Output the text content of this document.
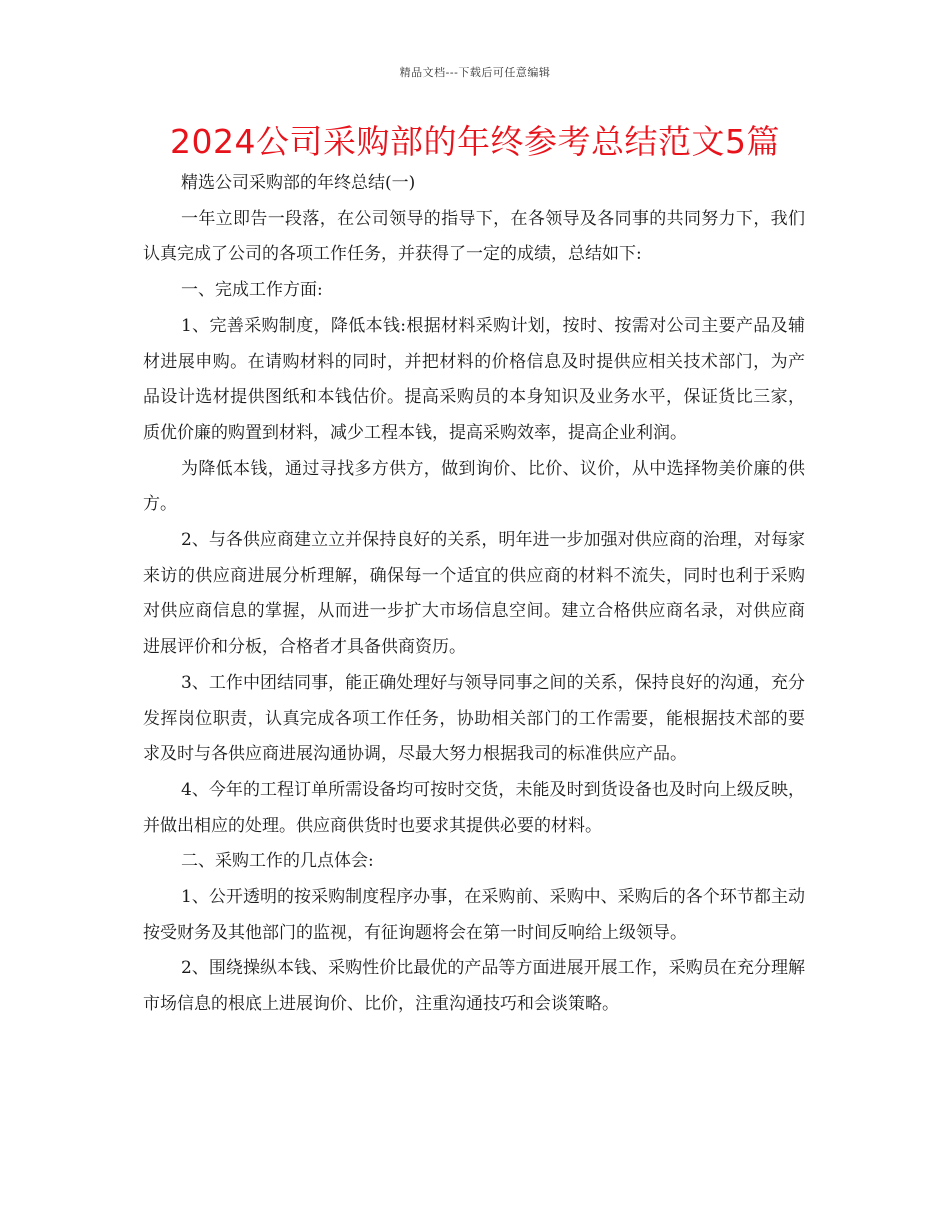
精品文档---下载后可任意编辑
2024公司采购部的年终参考总结范文5篇

精选公司采购部的年终总结(一)

一年立即告一段落，在公司领导的指导下，在各领导及各同事的共同努力下，我们认真完成了公司的各项工作任务，并获得了一定的成绩，总结如下:

一、完成工作方面:

1、完善采购制度，降低本钱:根据材料采购计划，按时、按需对公司主要产品及辅材进展申购。在请购材料的同时，并把材料的价格信息及时提供应相关技术部门，为产品设计选材提供图纸和本钱估价。提高采购员的本身知识及业务水平，保证货比三家，质优价廉的购置到材料，减少工程本钱，提高采购效率，提高企业利润。

为降低本钱，通过寻找多方供方，做到询价、比价、议价，从中选择物美价廉的供方。

2、与各供应商建立立并保持良好的关系，明年进一步加强对供应商的治理，对每家来访的供应商进展分析理解，确保每一个适宜的供应商的材料不流失，同时也利于采购对供应商信息的掌握，从而进一步扩大市场信息空间。建立合格供应商名录，对供应商进展评价和分板，合格者才具备供商资历。

3、工作中团结同事，能正确处理好与领导同事之间的关系，保持良好的沟通，充分发挥岗位职责，认真完成各项工作任务，协助相关部门的工作需要，能根据技术部的要求及时与各供应商进展沟通协调，尽最大努力根据我司的标准供应产品。

4、今年的工程订单所需设备均可按时交货，未能及时到货设备也及时向上级反映，并做出相应的处理。供应商供货时也要求其提供必要的材料。

二、采购工作的几点体会:

1、公开透明的按采购制度程序办事，在采购前、采购中、采购后的各个环节都主动按受财务及其他部门的监视，有征询题将会在第一时间反响给上级领导。

2、围绕操纵本钱、采购性价比最优的产品等方面进展开展工作，采购员在充分理解市场信息的根底上进展询价、比价，注重沟通技巧和会谈策略。
